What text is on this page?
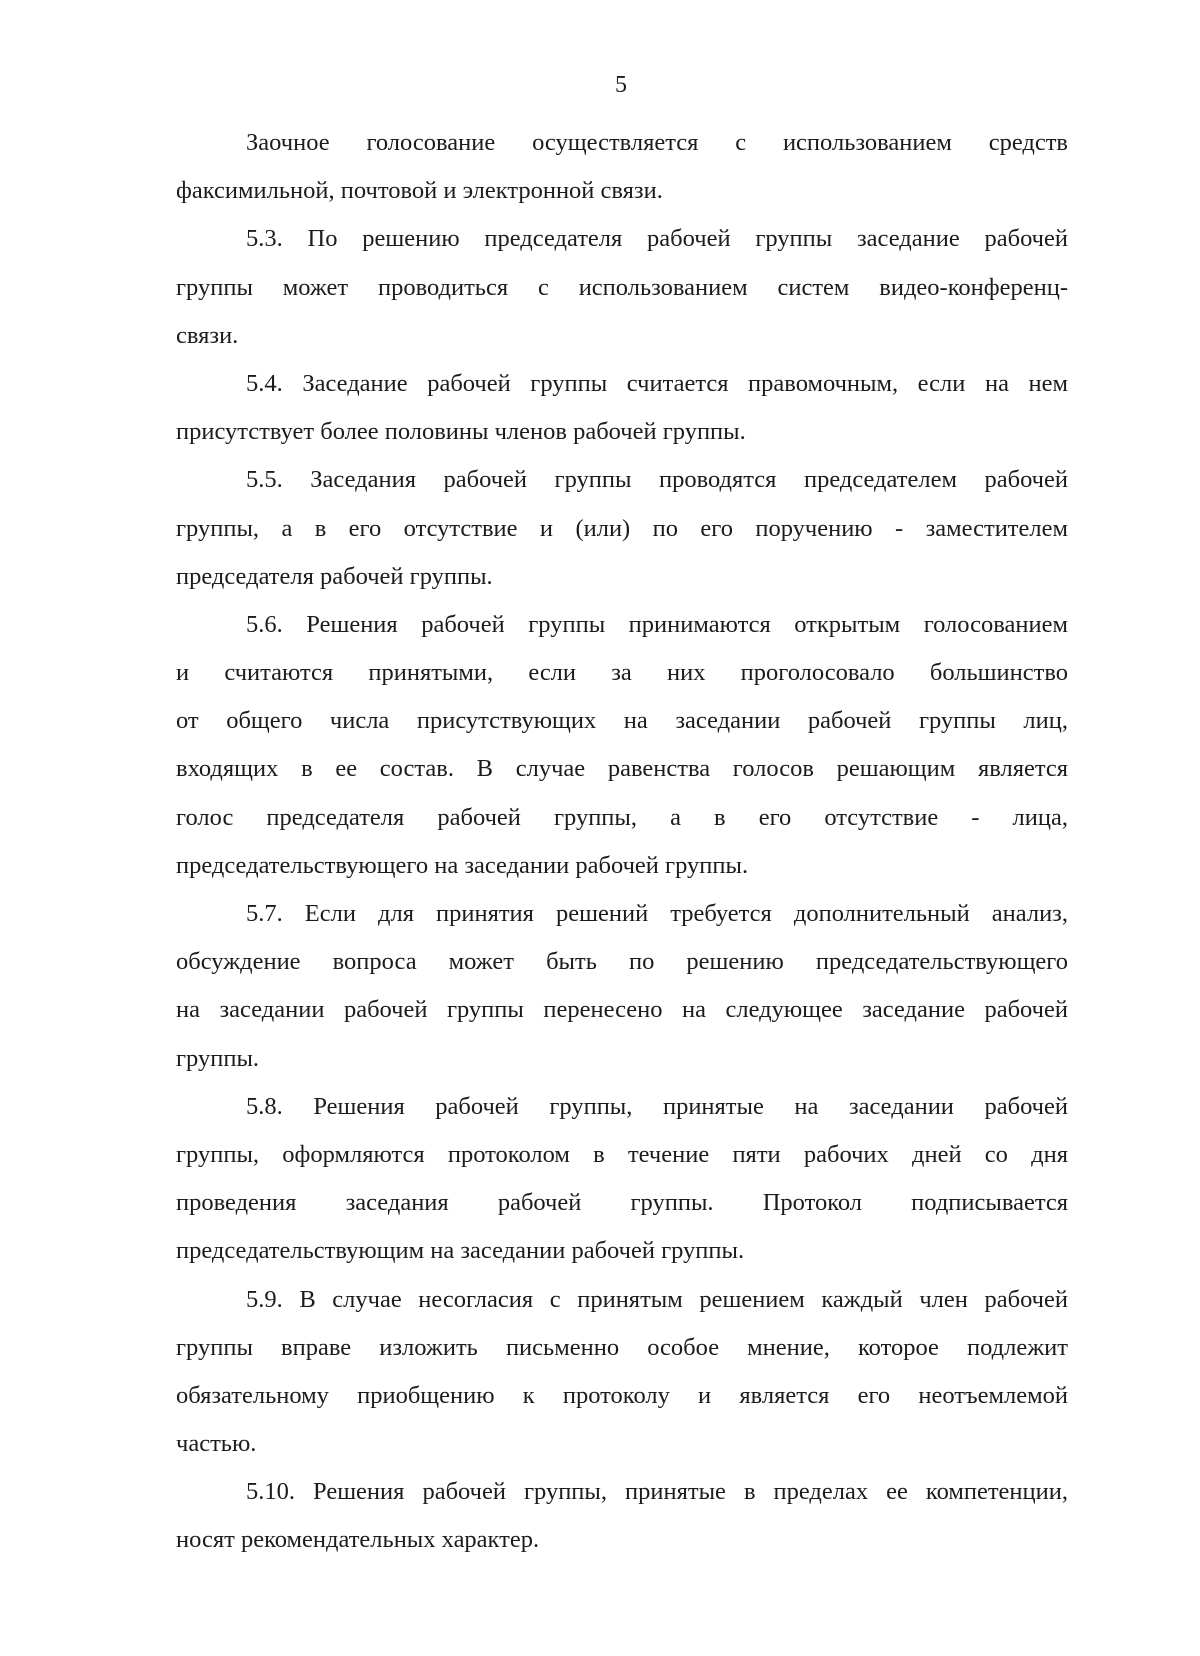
5

Заочное голосование осуществляется с использованием средств
факсимильной, почтовой и электронной связи.
5.3. По решению председателя рабочей группы заседание рабочей
группы может проводиться с использованием систем видео-конференц-
связи.
5.4. Заседание рабочей группы считается правомочным, если на нем
присутствует более половины членов рабочей группы.
5.5. Заседания рабочей группы проводятся председателем рабочей
группы, а в его отсутствие и (или) по его поручению - заместителем
председателя рабочей группы.
5.6. Решения рабочей группы принимаются открытым голосованием
и считаются принятыми, если за них проголосовало большинство
от общего числа присутствующих на заседании рабочей группы лиц,
входящих в ее состав. В случае равенства голосов решающим является
голос председателя рабочей группы, а в его отсутствие - лица,
председательствующего на заседании рабочей группы.
5.7. Если для принятия решений требуется дополнительный анализ,
обсуждение вопроса может быть по решению председательствующего
на заседании рабочей группы перенесено на следующее заседание рабочей
группы.
5.8. Решения рабочей группы, принятые на заседании рабочей
группы, оформляются протоколом в течение пяти рабочих дней со дня
проведения заседания рабочей группы. Протокол подписывается
председательствующим на заседании рабочей группы.
5.9. В случае несогласия с принятым решением каждый член рабочей
группы вправе изложить письменно особое мнение, которое подлежит
обязательному приобщению к протоколу и является его неотъемлемой
частью.
5.10. Решения рабочей группы, принятые в пределах ее компетенции,
носят рекомендательных характер.
